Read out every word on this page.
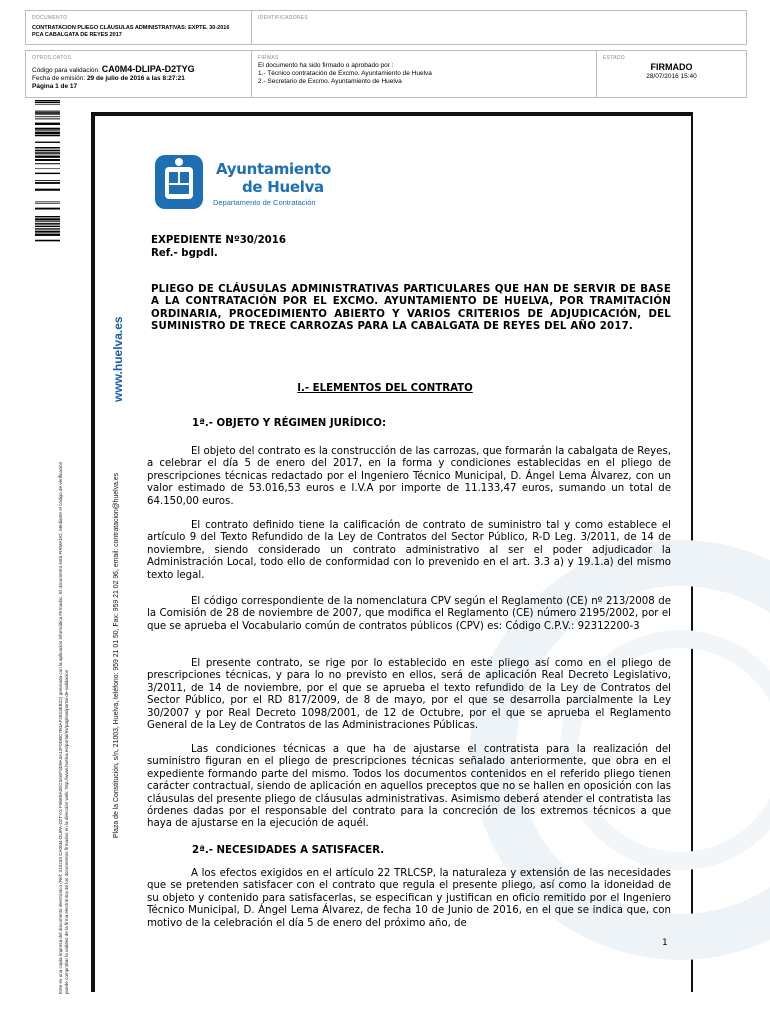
DOCUMENTO
CONTRATACION PLIEGO CLÁUSULAS ADMINISTRATIVAS: EXPTE. 30-2016 PCA CABALGATA DE REYES 2017
IDENTIFICADORES
OTROS DATOS
Código para validación: CA0M4-DLIPA-D2TYG
Fecha de emisión: 29 de julio de 2016 a las 8:27:21
Página 1 de 17
FIRMAS
El documento ha sido firmado o aprobado por :
1.- Técnico contratación de Excmo. Ayuntamiento de Huelva
2.- Secretario de Excmo. Ayuntamiento de Huelva
ESTADO
FIRMADO
28/07/2016 15:40
Este es una copia impresa del documento electrónico (Ref: 310233 CA0M4-DLIPA-D2TYG F06E8A0EC3AEF3D9A3A12F0DBC7B3AF2623EB22) generada con la aplicación informática Firmadoc. El documento está FIRMADO. Mediante el código de verificación puede comprobar la validez de la firma electrónica de los documentos firmados en la dirección web: http://www.huelva.es/portal/es/paginas/portal-de-validacion
www.huelva.es
Plaza de la Constitución, s/n, 21003, Huelva, teléfono: 959 21 01 50, Fax: 959 21 02 96, email: contratacion@huelva.es
Ayuntamiento
de Huelva
Departamento de Contratación
EXPEDIENTE Nº30/2016
Ref.- bgpdl.
PLIEGO DE CLÁUSULAS ADMINISTRATIVAS PARTICULARES QUE HAN DE SERVIR DE BASE A LA CONTRATACIÓN POR EL EXCMO. AYUNTAMIENTO DE HUELVA, POR TRAMITACIÓN ORDINARIA, PROCEDIMIENTO ABIERTO Y VARIOS CRITERIOS DE ADJUDICACIÓN, DEL SUMINISTRO DE TRECE CARROZAS PARA LA CABALGATA DE REYES DEL AÑO 2017.
I.- ELEMENTOS DEL CONTRATO
1ª.- OBJETO Y RÉGIMEN JURÍDICO:

El objeto del contrato es la construcción de las carrozas, que formarán la cabalgata de Reyes, a celebrar el día 5 de enero del 2017, en la forma y condiciones establecidas en el pliego de prescripciones técnicas redactado por el Ingeniero Técnico Municipal, D. Ángel Lema Álvarez, con un valor estimado de 53.016,53 euros e I.V.A por importe de 11.133,47 euros, sumando un total de 64.150,00 euros.

El contrato definido tiene la calificación de contrato de suministro tal y como establece el artículo 9 del Texto Refundido de la Ley de Contratos del Sector Público, R-D Leg. 3/2011, de 14 de noviembre, siendo considerado un contrato administrativo al ser el poder adjudicador la Administración Local, todo ello de conformidad con lo prevenido en el art. 3.3 a) y 19.1.a) del mismo texto legal.

El código correspondiente de la nomenclatura CPV según el Reglamento (CE) nº 213/2008 de la Comisión de 28 de noviembre de 2007, que modifica el Reglamento (CE) número 2195/2002, por el que se aprueba el Vocabulario común de contratos públicos (CPV) es: Código C.P.V.: 92312200-3

El presente contrato, se rige por lo establecido en este pliego así como en el pliego de prescripciones técnicas, y para lo no previsto en ellos, será de aplicación Real Decreto Legislativo, 3/2011, de 14 de noviembre, por el que se aprueba el texto refundido de la Ley de Contratos del Sector Público, por el RD 817/2009, de 8 de mayo, por el que se desarrolla parcialmente la Ley 30/2007 y por Real Decreto 1098/2001, de 12 de Octubre, por el que se aprueba el Reglamento General de la Ley de Contratos de las Administraciones Públicas.

Las condiciones técnicas a que ha de ajustarse el contratista para la realización del suministro figuran en el pliego de prescripciones técnicas señalado anteriormente, que obra en el expediente formando parte del mismo. Todos los documentos contenidos en el referido pliego tienen carácter contractual, siendo de aplicación en aquellos preceptos que no se hallen en oposición con las cláusulas del presente pliego de cláusulas administrativas. Asimismo deberá atender el contratista las órdenes dadas por el responsable del contrato para la concreción de los extremos técnicos a que haya de ajustarse en la ejecución de aquél.

2ª.- NECESIDADES A SATISFACER.

A los efectos exigidos en el artículo 22 TRLCSP, la naturaleza y extensión de las necesidades que se pretenden satisfacer con el contrato que regula el presente pliego, así como la idoneidad de su objeto y contenido para satisfacerlas, se especifican y justifican en oficio remitido por el Ingeniero Técnico Municipal, D. Ángel Lema Álvarez, de fecha 10 de Junio de 2016, en el que se indica que, con motivo de la celebración el día 5 de enero del próximo año, de

1
